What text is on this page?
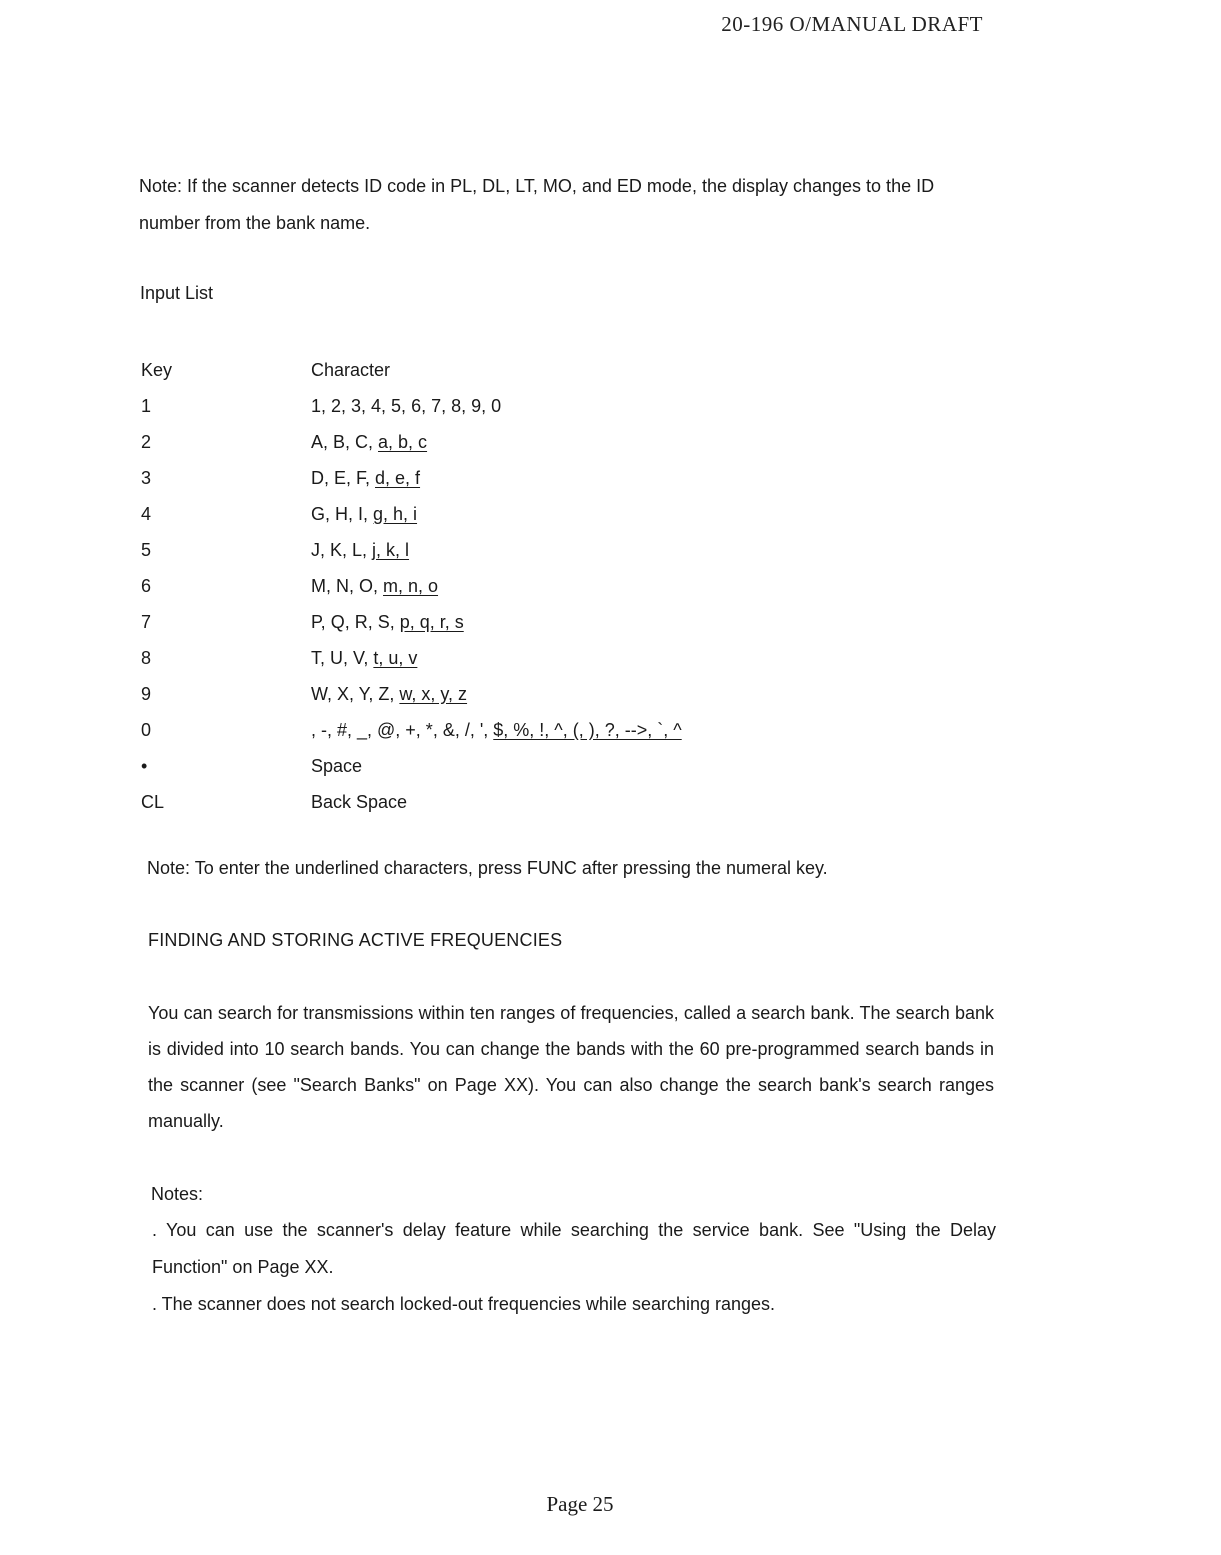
20-196 O/MANUAL DRAFT
Note: If the scanner detects ID code in PL, DL, LT, MO, and ED mode, the display changes to the ID number from the bank name.
Input List
Key	Character
1	1, 2, 3, 4, 5, 6, 7, 8, 9, 0
2	A, B, C, a, b, c
3	D, E, F, d, e, f
4	G, H, I, g, h, i
5	J, K, L, j, k, l
6	M, N, O, m, n, o
7	P, Q, R, S, p, q, r, s
8	T, U, V, t, u, v
9	W, X, Y, Z, w, x, y, z
0	, -, #, _, @, +, *, &, /, ', $, %, !, ^, (, ), ?, -->, `, ^
•	Space
CL	Back Space
Note: To enter the underlined characters, press FUNC after pressing the numeral key.
FINDING AND STORING ACTIVE FREQUENCIES
You can search for transmissions within ten ranges of frequencies, called a search bank. The search bank is divided into 10 search bands. You can change the bands with the 60 pre-programmed search bands in the scanner (see "Search Banks" on Page XX). You can also change the search bank's search ranges manually.
Notes:
. You can use the scanner's delay feature while searching the service bank. See "Using the Delay Function" on Page XX.
. The scanner does not search locked-out frequencies while searching ranges.
Page 25
